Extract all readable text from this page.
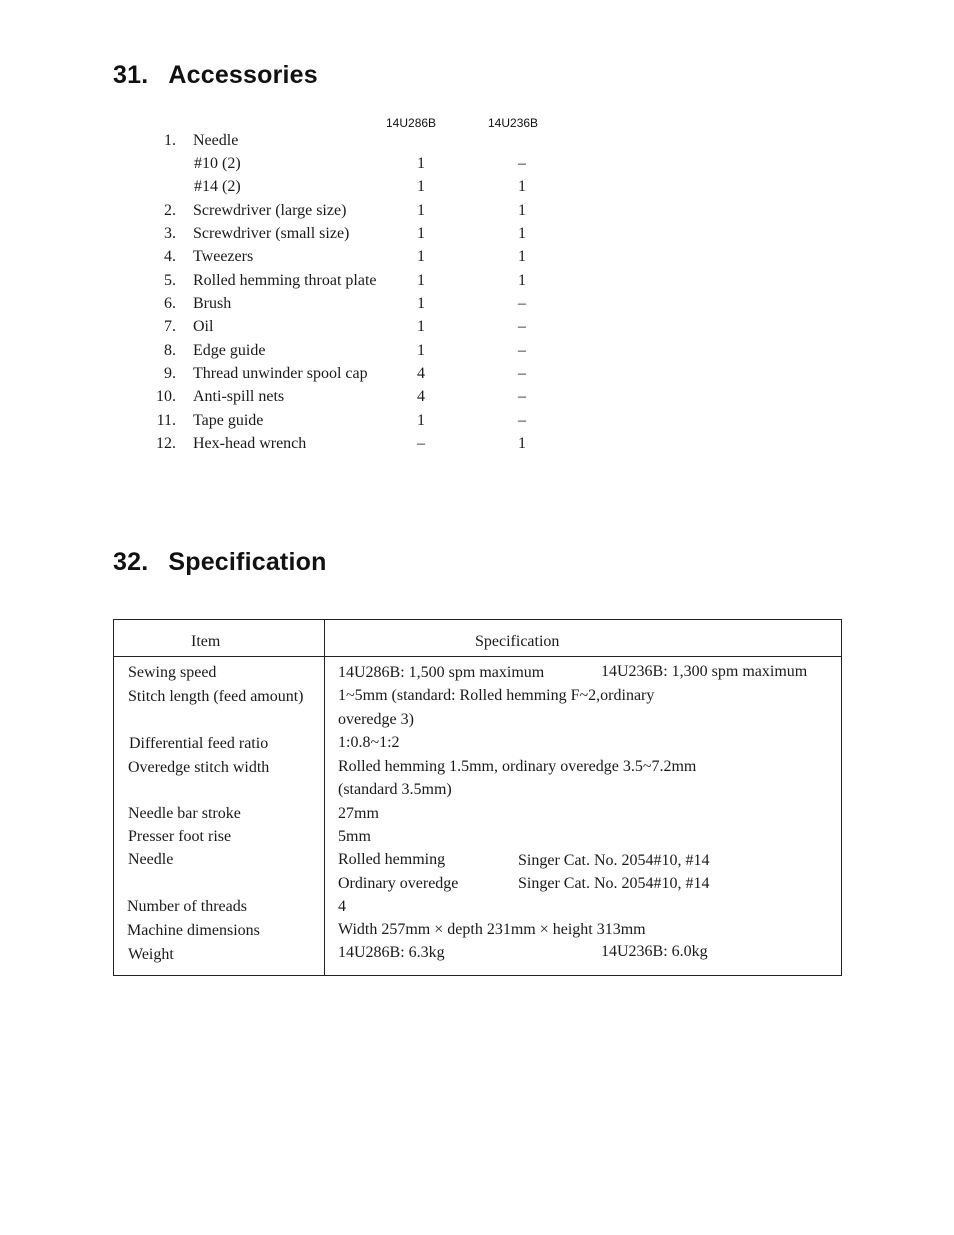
31. Accessories
14U286B	14U236B
1. Needle
#10 (2)	1	–
#14 (2)	1	1
2. Screwdriver (large size)	1	1
3. Screwdriver (small size)	1	1
4. Tweezers	1	1
5. Rolled hemming throat plate	1	1
6. Brush	1	–
7. Oil	1	–
8. Edge guide	1	–
9. Thread unwinder spool cap	4	–
10. Anti-spill nets	4	–
11. Tape guide	1	–
12. Hex-head wrench	–	1
32. Specification
Item	Specification
Sewing speed	14U286B: 1,500 spm maximum	14U236B: 1,300 spm maximum
Stitch length (feed amount) 1~5mm (standard: Rolled hemming F~2,ordinary
overedge 3)
Differential feed ratio	1:0.8~1:2
Overedge stitch width	Rolled hemming 1.5mm, ordinary overedge 3.5~7.2mm
(standard 3.5mm)
Needle bar stroke	27mm
Presser foot rise	5mm
Needle	Rolled hemming	Singer Cat. No. 2054#10, #14
Ordinary overedge	Singer Cat. No. 2054#10, #14
Number of threads	4
Machine dimensions	Width 257mm × depth 231mm × height 313mm
Weight	14U286B: 6.3kg	14U236B: 6.0kg
